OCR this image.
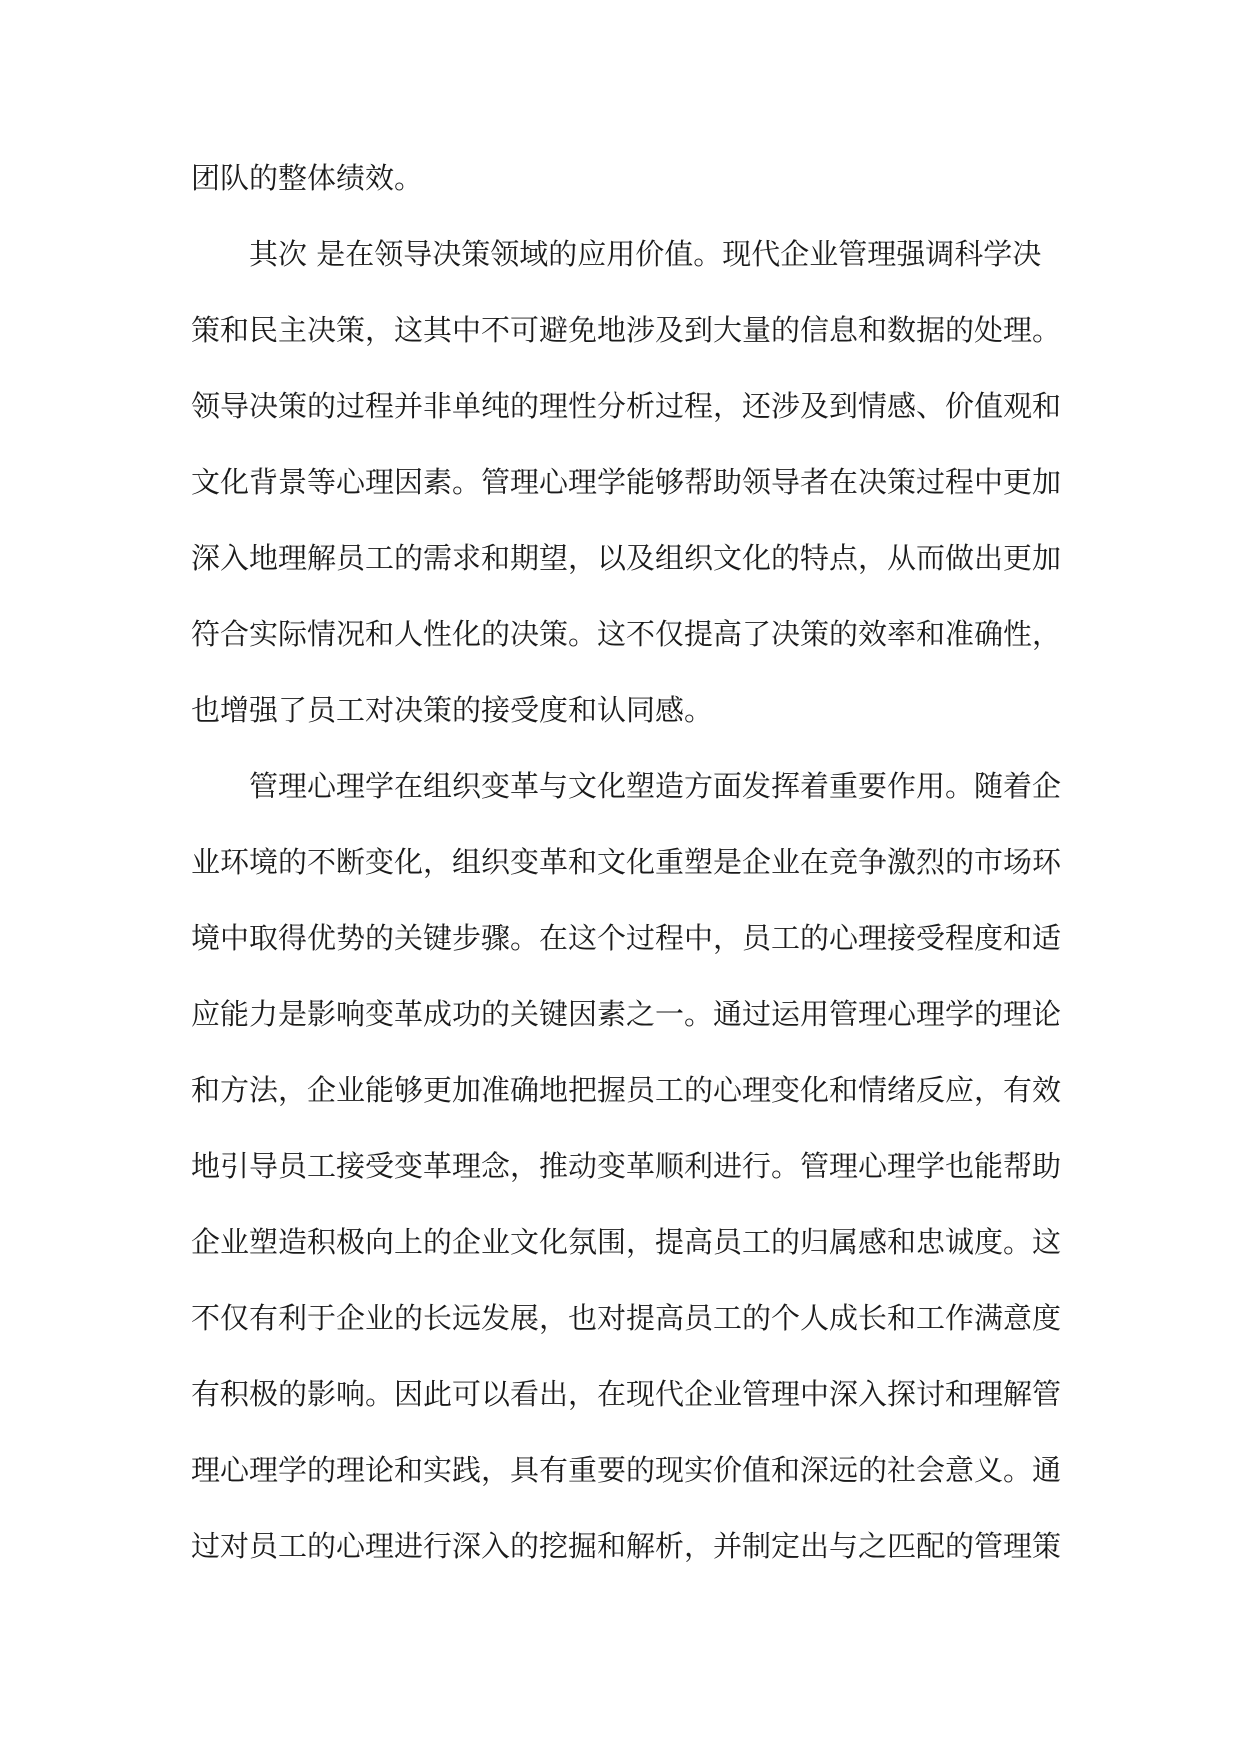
团队的整体绩效。
　　其次 是在领导决策领域的应用价值。现代企业管理强调科学决
策和民主决策，这其中不可避免地涉及到大量的信息和数据的处理。
领导决策的过程并非单纯的理性分析过程，还涉及到情感、价值观和
文化背景等心理因素。管理心理学能够帮助领导者在决策过程中更加
深入地理解员工的需求和期望，以及组织文化的特点，从而做出更加
符合实际情况和人性化的决策。这不仅提高了决策的效率和准确性，
也增强了员工对决策的接受度和认同感。
　　管理心理学在组织变革与文化塑造方面发挥着重要作用。随着企
业环境的不断变化，组织变革和文化重塑是企业在竞争激烈的市场环
境中取得优势的关键步骤。在这个过程中，员工的心理接受程度和适
应能力是影响变革成功的关键因素之一。通过运用管理心理学的理论
和方法，企业能够更加准确地把握员工的心理变化和情绪反应，有效
地引导员工接受变革理念，推动变革顺利进行。管理心理学也能帮助
企业塑造积极向上的企业文化氛围，提高员工的归属感和忠诚度。这
不仅有利于企业的长远发展，也对提高员工的个人成长和工作满意度
有积极的影响。因此可以看出，在现代企业管理中深入探讨和理解管
理心理学的理论和实践，具有重要的现实价值和深远的社会意义。通
过对员工的心理进行深入的挖掘和解析，并制定出与之匹配的管理策
